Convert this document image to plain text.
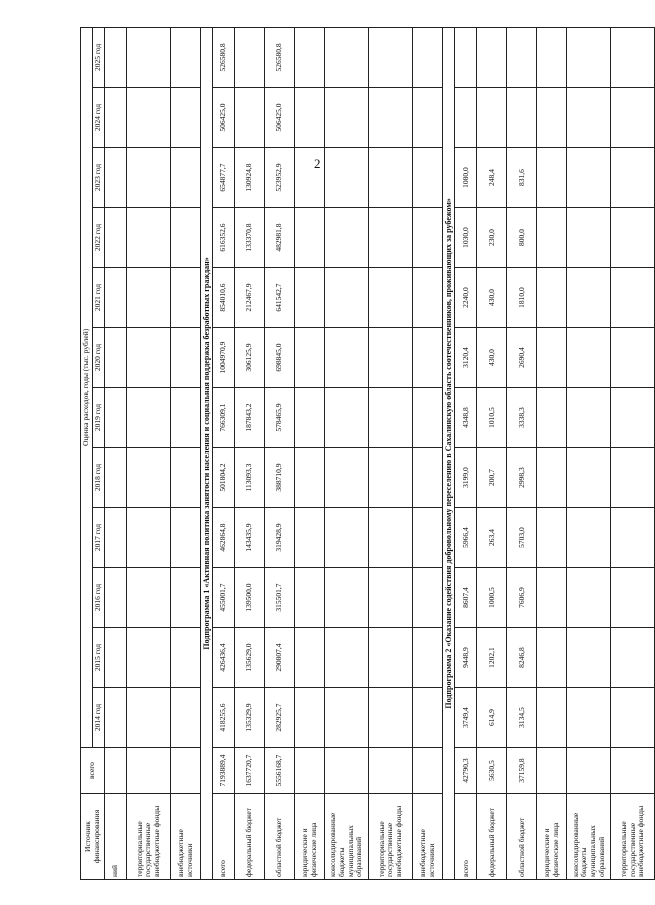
2
Источник финансирования	всего	Оценка расходов, годы (тыс. рублей)											
		2014 год	2015 год	2016 год	2017 год	2018 год	2019 год	2020 год	2021 год	2022 год	2023 год	2024 год	2025 год
ний													
территориальные государственные внебюджетные фонды													
внебюджетные источники													
Подпрограмма 1 «Активная политика занятости населения и социальная поддержка безработных граждан»													
всего	7193889,4	418255,6	426436,4	455001,7	462864,8	501804,2	766309,1	1004970,9	854010,6	616352,6	654877,7	506425,0	526580,8
федеральный бюджет	1637720,7	135329,9	135629,0	139500,0	143435,9	113093,3	187843,2	306125,9	212467,9	133370,8	130924,8		
областной бюджет	5556168,7	282925,7	290807,4	315501,7	319428,9	388710,9	578465,9	698845,0	641542,7	482981,8	523952,9	506425,0	526580,8
юридические и физические лица													
консолидированные бюджеты муниципальных образований													
территориальные государственные внебюджетные фонды													
внебюджетные источники													
Подпрограмма 2 «Оказание содействия добровольному переселению в Сахалинскую область соотечественников, проживающих за рубежом»													
всего	42790,3	3749,4	9448,9	8607,4	5966,4	3199,0	4348,8	3120,4	2240,0	1030,0	1080,0		
федеральный бюджет	5630,5	614,9	1202,1	1000,5	263,4	200,7	1010,5	430,0	430,0	230,0	248,4		
областной бюджет	37159,8	3134,5	8246,8	7606,9	5703,0	2998,3	3338,3	2690,4	1810,0	800,0	831,6		
юридические и физические лица													
консолидированные бюджеты муниципальных образований													
территориальные государственные внебюджетные фонды													
